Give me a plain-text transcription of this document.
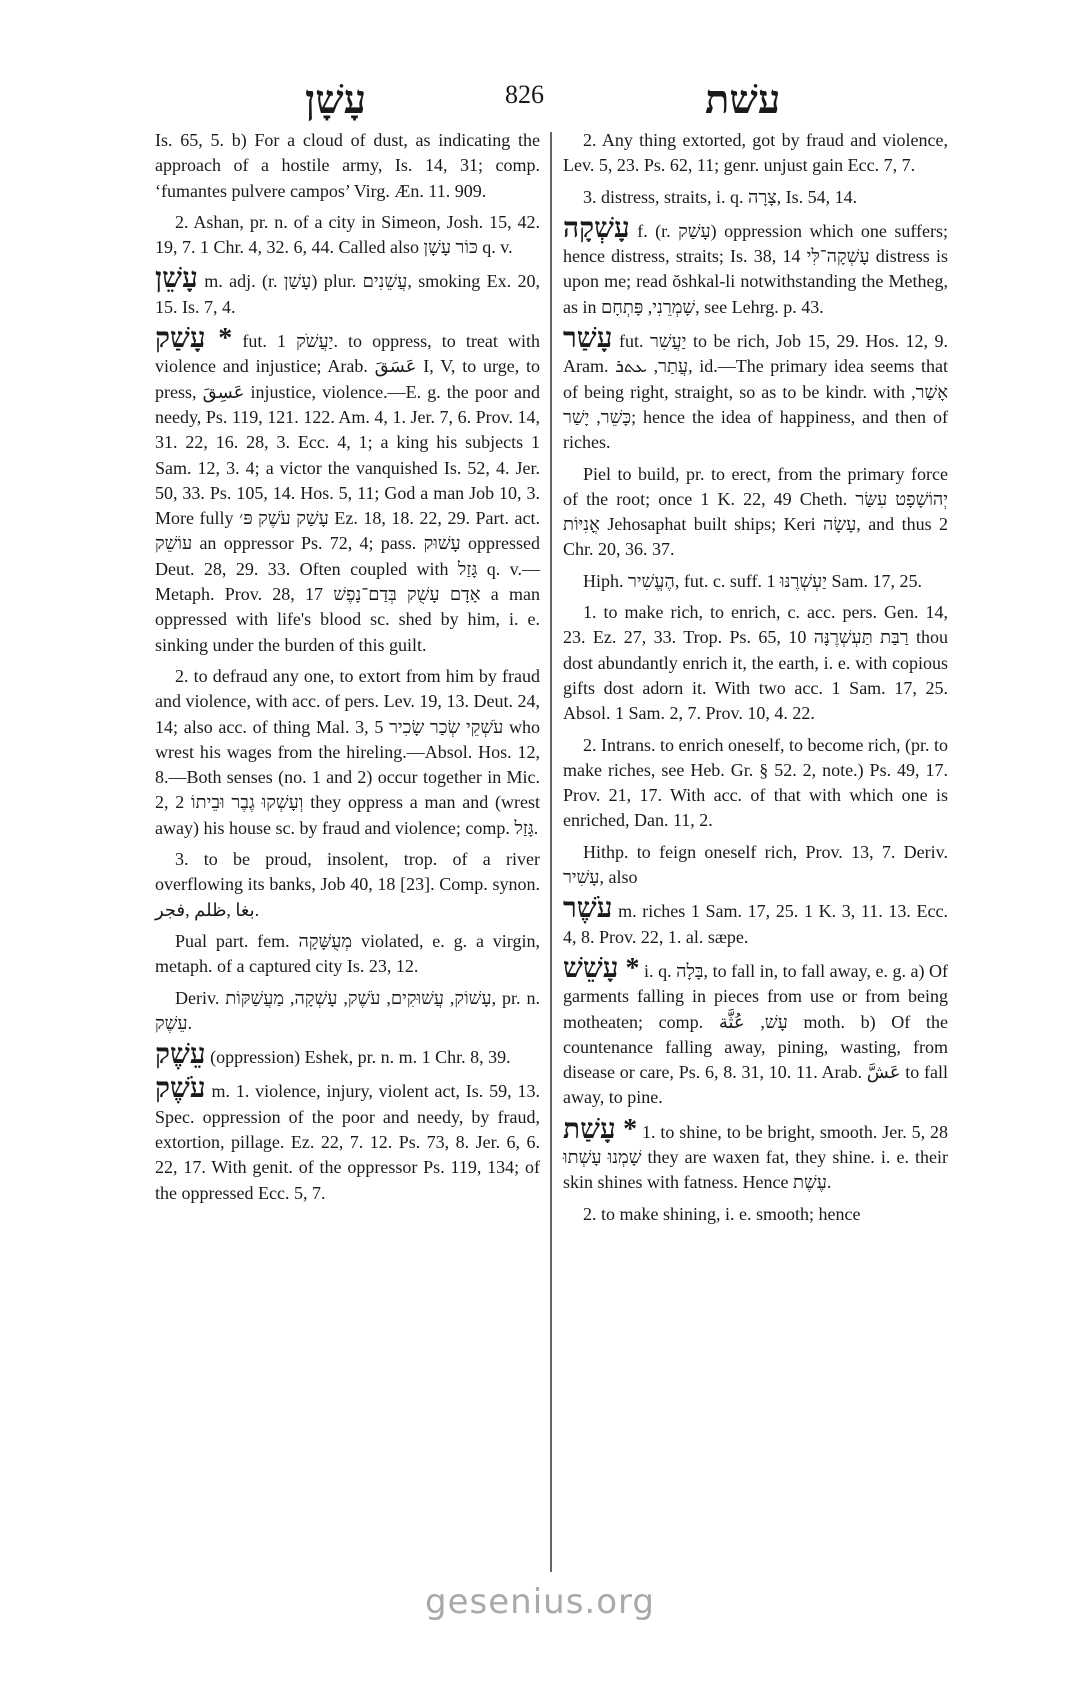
עָשָׁן	826	עשׁת

Is. 65, 5. b) For a cloud of dust, as indicating the approach of a hostile army, Is. 14, 31; comp. ‘fumantes pulvere campos’ Virg. Æn. 11. 909.

2. Ashan, pr. n. of a city in Simeon, Josh. 15, 42. 19, 7. 1 Chr. 4, 32. 6, 44. Called also כּוֹר עָשָׁן q. v.

עָשֵׁן m. adj. (r. עָשַׁן) plur. עֲשֵׁנִים, smoking Ex. 20, 15. Is. 7, 4.

* עָשַׁק fut. יַעֲשֹׁק 1. to oppress, to treat with violence and injustice; Arab. عَسَقَ I, V, to urge, to press, عَسِقَ injustice, violence.—E. g. the poor and needy, Ps. 119, 121. 122. Am. 4, 1. Jer. 7, 6. Prov. 14, 31. 22, 16. 28, 3. Ecc. 4, 1; a king his subjects 1 Sam. 12, 3. 4; a victor the vanquished Is. 52, 4. Jer. 50, 33. Ps. 105, 14. Hos. 5, 11; God a man Job 10, 3. More fully עָשַׁק עֹשֶׁק פּ׳ Ez. 18, 18. 22, 29. Part. act. עוֹשֵׁק an oppressor Ps. 72, 4; pass. עָשׁוּק oppressed Deut. 28, 29. 33. Often coupled with גָּזַל q. v.—Metaph. Prov. 28, 17 אָדָם עָשֻׁק בְּדַם־נָפֶשׁ a man oppressed with life's blood sc. shed by him, i. e. sinking under the burden of this guilt.

2. to defraud any one, to extort from him by fraud and violence, with acc. of pers. Lev. 19, 13. Deut. 24, 14; also acc. of thing Mal. 3, 5 עֹשְׁקֵי שְׂכַר שָׂכִיר who wrest his wages from the hireling.—Absol. Hos. 12, 8.—Both senses (no. 1 and 2) occur together in Mic. 2, 2 וְעָשְׁקוּ גֶבֶר וּבֵיתוֹ they oppress a man and (wrest away) his house sc. by fraud and violence; comp. גָּזַל.

3. to be proud, insolent, trop. of a river overflowing its banks, Job 40, 18 [23]. Comp. synon. بغا ,ظلم ,فجر.

Pual part. fem. מְעֻשָּׁקָה violated, e. g. a virgin, metaph. of a captured city Is. 23, 12.

Deriv. עָשׁוֹק, עֲשׁוּקִים, עֹשֶׁק, עָשְׁקָה, מַעֲשַׁקּוֹת, pr. n. עֵשֶׁק.

עֵשֶׁק (oppression) Eshek, pr. n. m. 1 Chr. 8, 39.

עֹשֶׁק m. 1. violence, injury, violent act, Is. 59, 13. Spec. oppression of the poor and needy, by fraud, extortion, pillage. Ez. 22, 7. 12. Ps. 73, 8. Jer. 6, 6. 22, 17. With genit. of the oppressor Ps. 119, 134; of the oppressed Ecc. 5, 7.

2. Any thing extorted, got by fraud and violence, Lev. 5, 23. Ps. 62, 11; genr. unjust gain Ecc. 7, 7.

3. distress, straits, i. q. צָרָה, Is. 54, 14.

עָשְׁקָה f. (r. עָשַׁק) oppression which one suffers; hence distress, straits; Is. 38, 14 עָשְׁקָה־לִּי distress is upon me; read ŏshkal-li notwithstanding the Metheg, as in שָׁמְרֵנִי, פָּתְחָם, see Lehrg. p. 43.

עָשַׁר fut. יַעֲשִׁר to be rich, Job 15, 29. Hos. 12, 9. Aram. עֲתַר, ܥܬܪ, id.—The primary idea seems that of being right, straight, so as to be kindr. with אָשַׁר, כָּשֵׁר, יָשַׁר; hence the idea of happiness, and then of riches.

Piel to build, pr. to erect, from the primary force of the root; once 1 K. 22, 49 Cheth. יְהוֹשָׁפָט עִשַּׂר אֳנִיּוֹת Jehosaphat built ships; Keri עָשָׂה, and thus 2 Chr. 20, 36. 37.

Hiph. הֶעֱשִׁיר, fut. c. suff. יַעְשְׁרֶנּוּ 1 Sam. 17, 25.

1. to make rich, to enrich, c. acc. pers. Gen. 14, 23. Ez. 27, 33. Trop. Ps. 65, 10 רַבַּת תַּעְשְׁרֶנָּה thou dost abundantly enrich it, the earth, i. e. with copious gifts dost adorn it. With two acc. 1 Sam. 17, 25. Absol. 1 Sam. 2, 7. Prov. 10, 4. 22.

2. Intrans. to enrich oneself, to become rich, (pr. to make riches, see Heb. Gr. § 52. 2, note.) Ps. 49, 17. Prov. 21, 17. With acc. of that with which one is enriched, Dan. 11, 2.

Hithp. to feign oneself rich, Prov. 13, 7. Deriv. עָשִׁיר, also

עֹשֶׁר m. riches 1 Sam. 17, 25. 1 K. 3, 11. 13. Ecc. 4, 8. Prov. 22, 1. al. sæpe.

* עָשֵׁשׁ i. q. בָּלָה, to fall in, to fall away, e. g. a) Of garments falling in pieces from use or from being motheaten; comp. עָשׁ, عُثَّة moth. b) Of the countenance falling away, pining, wasting, from disease or care, Ps. 6, 8. 31, 10. 11. Arab. عَشَّ to fall away, to pine.

* עָשַׁת 1. to shine, to be bright, smooth. Jer. 5, 28 שָׁמְנוּ עָשְׁתוּ they are waxen fat, they shine. i. e. their skin shines with fatness. Hence עֶשֶׁת.

2. to make shining, i. e. smooth; hence

gesenius.org
